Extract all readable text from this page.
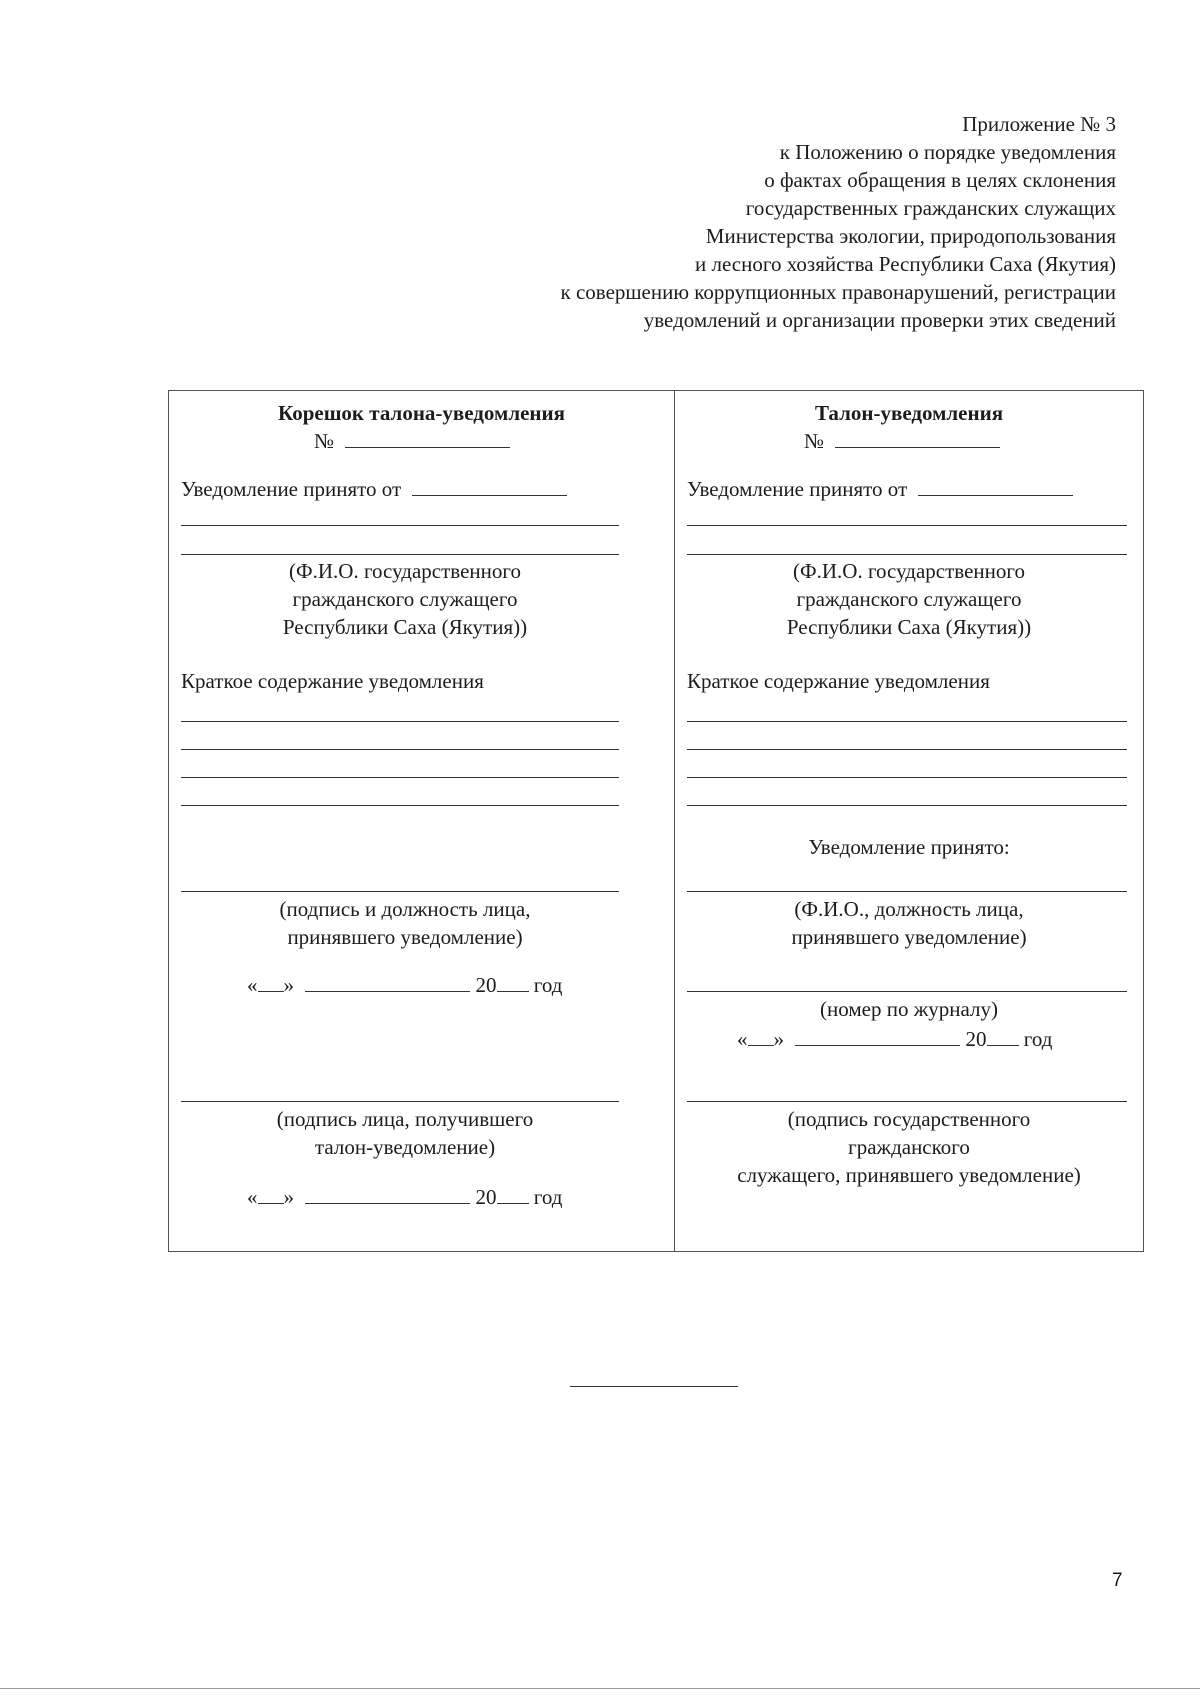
Приложение № 3
к Положению о порядке уведомления
о фактах обращения в целях склонения
государственных гражданских служащих
Министерства экологии, природопользования
и лесного хозяйства Республики Саха (Якутия)
к совершению коррупционных правонарушений, регистрации
уведомлений и организации проверки этих сведений
Корешок талона-уведомления
№
Уведомление принято от
(Ф.И.О. государственного
гражданского служащего
Республики Саха (Якутия))
Краткое содержание уведомления
(подпись и должность лица,
принявшего уведомление)
« »	20 год
(подпись лица, получившего
талон-уведомление)
« »	20 год
Талон-уведомления
№
Уведомление принято от
(Ф.И.О. государственного
гражданского служащего
Республики Саха (Якутия))
Краткое содержание уведомления
Уведомление принято:
(Ф.И.О., должность лица,
принявшего уведомление)
(номер по журналу)
« »	20 год
(подпись государственного
гражданского
служащего, принявшего уведомление)
7
